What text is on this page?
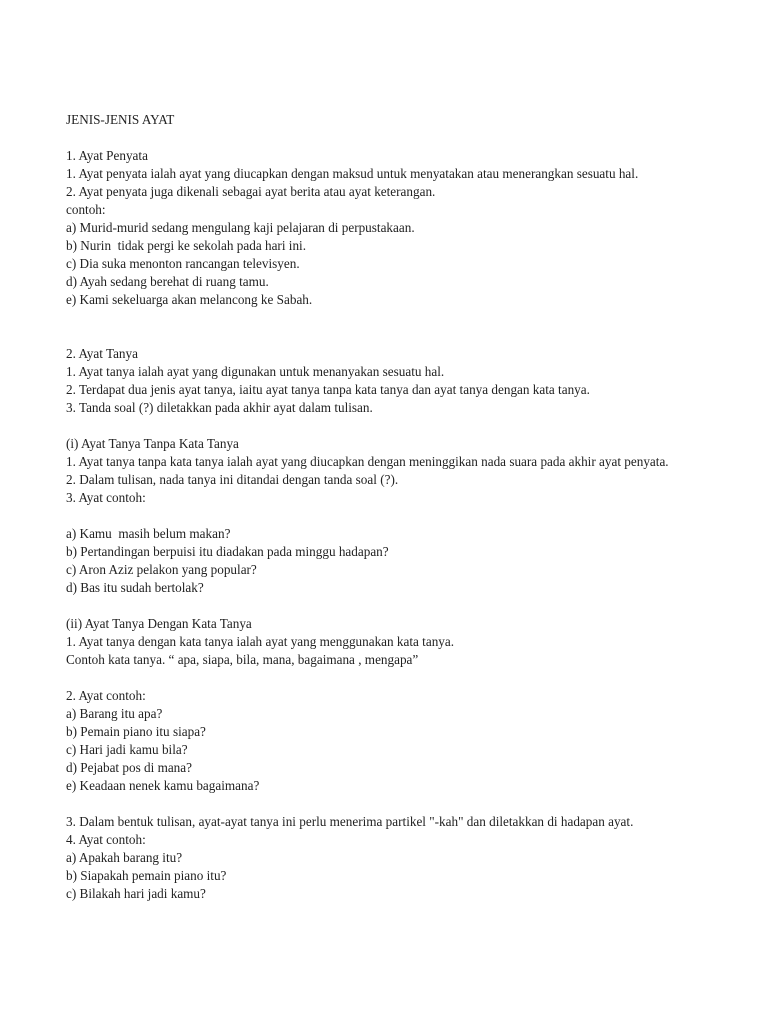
JENIS-JENIS AYAT
1. Ayat Penyata
1. Ayat penyata ialah ayat yang diucapkan dengan maksud untuk menyatakan atau menerangkan sesuatu hal.
2. Ayat penyata juga dikenali sebagai ayat berita atau ayat keterangan.
contoh:
a) Murid-murid sedang mengulang kaji pelajaran di perpustakaan.
b) Nurin  tidak pergi ke sekolah pada hari ini.
c) Dia suka menonton rancangan televisyen.
d) Ayah sedang berehat di ruang tamu.
e) Kami sekeluarga akan melancong ke Sabah.
2. Ayat Tanya
1. Ayat tanya ialah ayat yang digunakan untuk menanyakan sesuatu hal.
2. Terdapat dua jenis ayat tanya, iaitu ayat tanya tanpa kata tanya dan ayat tanya dengan kata tanya.
3. Tanda soal (?) diletakkan pada akhir ayat dalam tulisan.
(i) Ayat Tanya Tanpa Kata Tanya
1. Ayat tanya tanpa kata tanya ialah ayat yang diucapkan dengan meninggikan nada suara pada akhir ayat penyata.
2. Dalam tulisan, nada tanya ini ditandai dengan tanda soal (?).
3. Ayat contoh:
a) Kamu  masih belum makan?
b) Pertandingan berpuisi itu diadakan pada minggu hadapan?
c) Aron Aziz pelakon yang popular?
d) Bas itu sudah bertolak?
(ii) Ayat Tanya Dengan Kata Tanya
1. Ayat tanya dengan kata tanya ialah ayat yang menggunakan kata tanya.
Contoh kata tanya. “ apa, siapa, bila, mana, bagaimana , mengapa”
2. Ayat contoh:
a) Barang itu apa?
b) Pemain piano itu siapa?
c) Hari jadi kamu bila?
d) Pejabat pos di mana?
e) Keadaan nenek kamu bagaimana?
3. Dalam bentuk tulisan, ayat-ayat tanya ini perlu menerima partikel "-kah" dan diletakkan di hadapan ayat.
4. Ayat contoh:
a) Apakah barang itu?
b) Siapakah pemain piano itu?
c) Bilakah hari jadi kamu?
